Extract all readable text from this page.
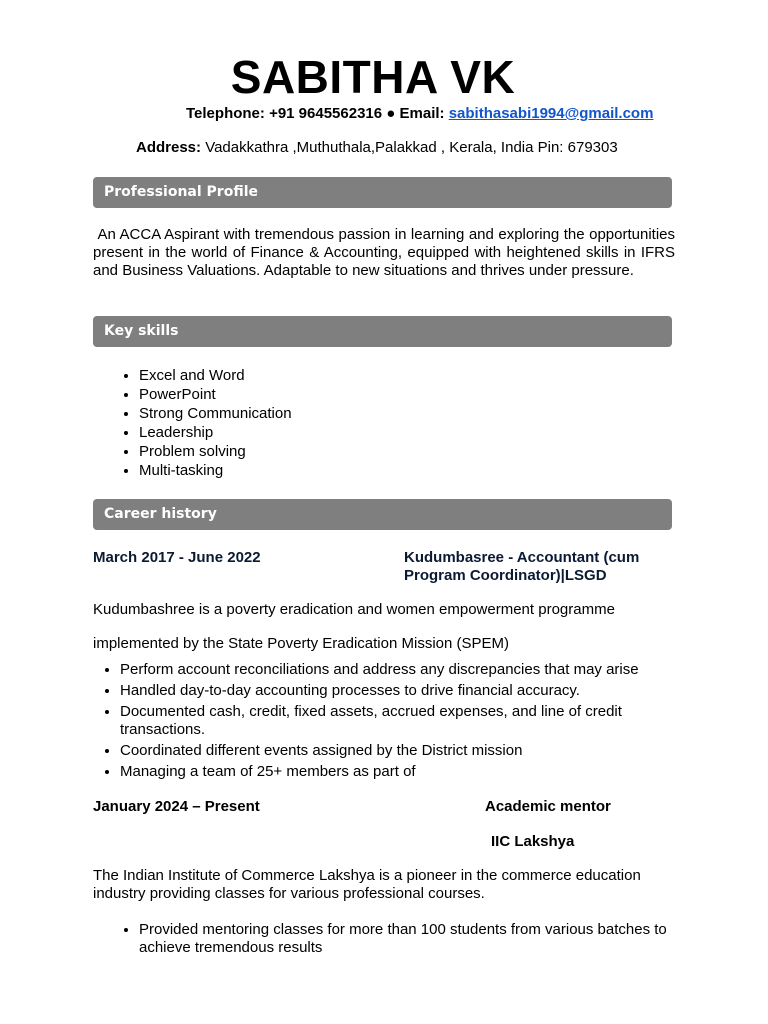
SABITHA VK
Telephone: +91 9645562316 ● Email: sabithasabi1994@gmail.com
Address: Vadakkathra ,Muthuthala,Palakkad , Kerala, India Pin: 679303
Professional Profile
An ACCA Aspirant with tremendous passion in learning and exploring the opportunities present in the world of Finance & Accounting, equipped with heightened skills in IFRS and Business Valuations. Adaptable to new situations and thrives under pressure.
Key skills
• Excel and Word
• PowerPoint
• Strong Communication
• Leadership
• Problem solving
• Multi-tasking
Career history
March 2017 - June 2022	Kudumbasree - Accountant (cum
Program Coordinator)|LSGD
Kudumbashree is a poverty eradication and women empowerment programme
implemented by the State Poverty Eradication Mission (SPEM)
• Perform account reconciliations and address any discrepancies that may arise
• Handled day-to-day accounting processes to drive financial accuracy.
• Documented cash, credit, fixed assets, accrued expenses, and line of credit transactions.
• Coordinated different events assigned by the District mission
• Managing a team of 25+ members as part of
January 2024 – Present	Academic mentor
IIC Lakshya
The Indian Institute of Commerce Lakshya is a pioneer in the commerce education industry providing classes for various professional courses.
• Provided mentoring classes for more than 100 students from various batches to achieve tremendous results
